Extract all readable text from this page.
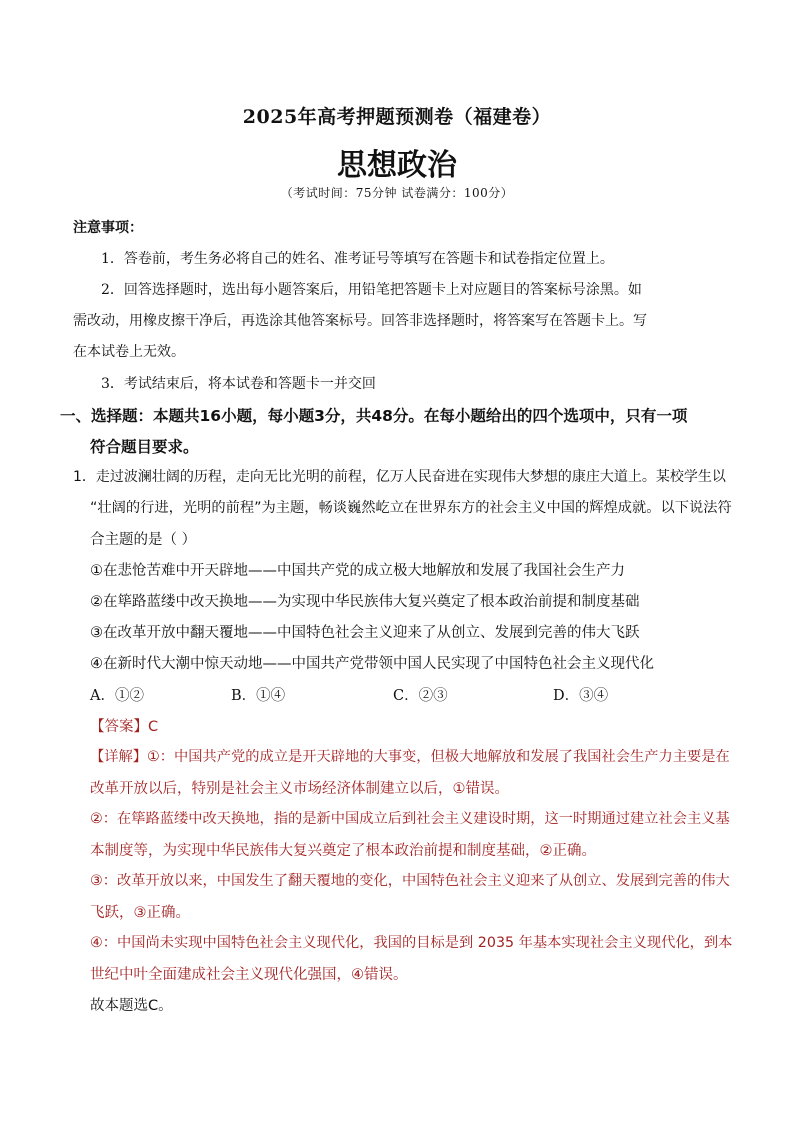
2025年高考押题预测卷（福建卷）
思想政治
（考试时间：75分钟 试卷满分：100分）
注意事项：
1．答卷前，考生务必将自己的姓名、准考证号等填写在答题卡和试卷指定位置上。
2．回答选择题时，选出每小题答案后，用铅笔把答题卡上对应题目的答案标号涂黑。如
需改动，用橡皮擦干净后，再选涂其他答案标号。回答非选择题时，将答案写在答题卡上。写
在本试卷上无效。
3．考试结束后，将本试卷和答题卡一并交回
一、选择题：本题共16小题，每小题3分，共48分。在每小题给出的四个选项中，只有一项
符合题目要求。
1．走过波澜壮阔的历程，走向无比光明的前程，亿万人民奋进在实现伟大梦想的康庄大道上。某校学生以
“壮阔的行进，光明的前程”为主题，畅谈巍然屹立在世界东方的社会主义中国的辉煌成就。以下说法符
合主题的是（ ）
①在悲怆苦难中开天辟地——中国共产党的成立极大地解放和发展了我国社会生产力
②在筚路蓝缕中改天换地——为实现中华民族伟大复兴奠定了根本政治前提和制度基础
③在改革开放中翻天覆地——中国特色社会主义迎来了从创立、发展到完善的伟大飞跃
④在新时代大潮中惊天动地——中国共产党带领中国人民实现了中国特色社会主义现代化
A．①②	B．①④	C．②③	D．③④
【答案】C
【详解】①：中国共产党的成立是开天辟地的大事变，但极大地解放和发展了我国社会生产力主要是在
改革开放以后，特别是社会主义市场经济体制建立以后，①错误。
②：在筚路蓝缕中改天换地，指的是新中国成立后到社会主义建设时期，这一时期通过建立社会主义基
本制度等，为实现中华民族伟大复兴奠定了根本政治前提和制度基础，②正确。
③：改革开放以来，中国发生了翻天覆地的变化，中国特色社会主义迎来了从创立、发展到完善的伟大
飞跃，③正确。
④：中国尚未实现中国特色社会主义现代化，我国的目标是到 2035 年基本实现社会主义现代化，到本
世纪中叶全面建成社会主义现代化强国，④错误。
故本题选C。
